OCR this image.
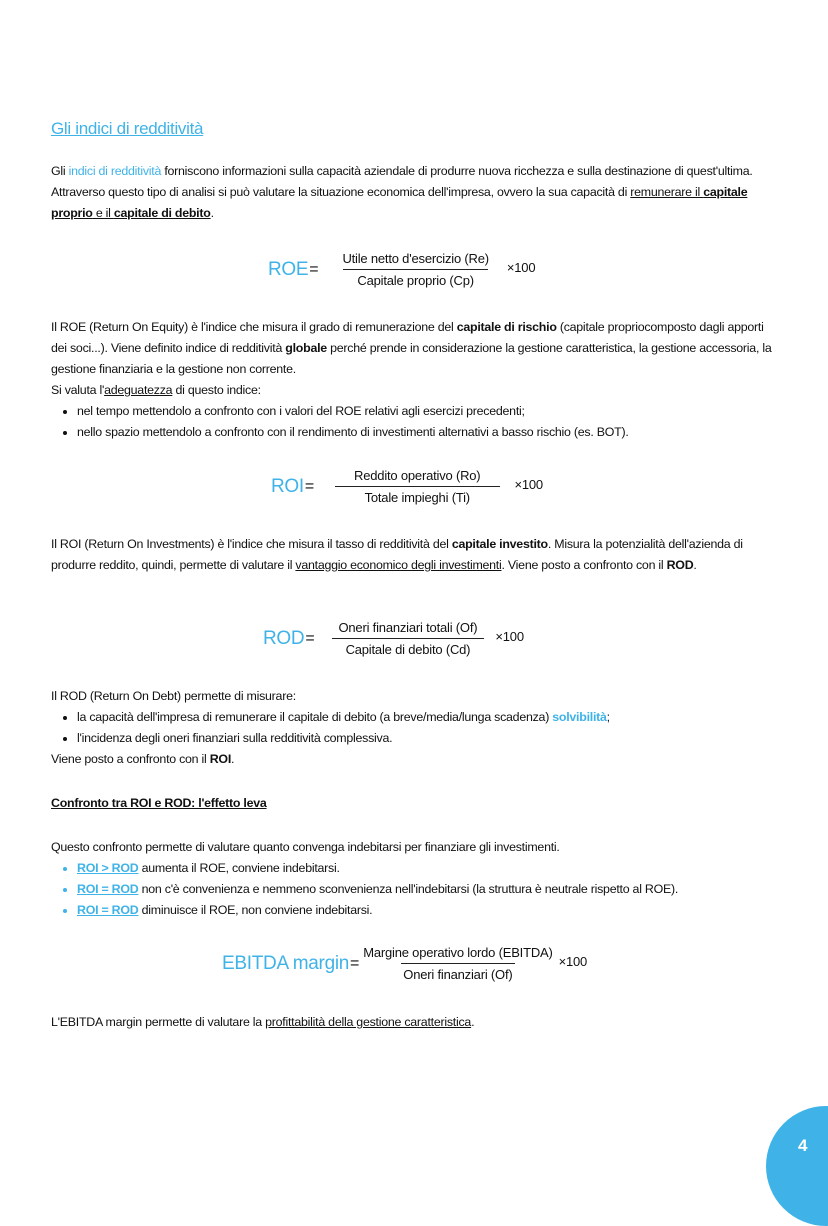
Gli indici di redditività

Gli indici di redditività forniscono informazioni sulla capacità aziendale di produrre nuova ricchezza e sulla destinazione di quest'ultima. Attraverso questo tipo di analisi si può valutare la situazione economica dell'impresa, ovvero la sua capacità di remunerare il capitale proprio e il capitale di debito.

ROE = $\frac{\text{Utile netto d'esercizio (Re)}}{\text{Capitale proprio (Cp)}} \times 100$

Il ROE (Return On Equity) è l'indice che misura il grado di remunerazione del capitale di rischio (capitale propriocomposto dagli apporti dei soci...). Viene definito indice di redditività globale perché prende in considerazione la gestione caratteristica, la gestione accessoria, la gestione finanziaria e la gestione non corrente.
Si valuta l'adeguatezza di questo indice:

• nel tempo mettendolo a confronto con i valori del ROE relativi agli esercizi precedenti;
• nello spazio mettendolo a confronto con il rendimento di investimenti alternativi a basso rischio (es. BOT).
ROI = $\frac{\text{Reddito operativo (Ro)}}{\text{Totale impieghi (Ti)}} \times 100$

Il ROI (Return On Investments) è l'indice che misura il tasso di redditività del capitale investito. Misura la potenzialità dell'azienda di produrre reddito, quindi, permette di valutare il vantaggio economico degli investimenti. Viene posto a confronto con il ROD.

ROD = $\frac{\text{Oneri finanziari totali (Of)}}{\text{Capitale di debito (Cd)}} \times 100$

Il ROD (Return On Debt) permette di misurare:

• la capacità dell'impresa di remunerare il capitale di debito (a breve/media/lunga scadenza) solvibilità;
• l'incidenza degli oneri finanziari sulla redditività complessiva.

Viene posto a confronto con il ROI.

Confronto tra ROI e ROD: l'effetto leva

Questo confronto permette di valutare quanto convenga indebitarsi per finanziare gli investimenti.

• ROI > ROD aumenta il ROE, conviene indebitarsi.
• ROI = ROD non c'è convenienza e nemmeno sconvenienza nell'indebitarsi (la struttura è neutrale rispetto al ROE).
• ROI = ROD diminuisce il ROE, non conviene indebitarsi.
EBITDA margin = $\frac{\text{Margine operativo lordo (EBITDA)}}{\text{Oneri finanziari (Of)}} \times 100$

L'EBITDA margin permette di valutare la profittabilità della gestione caratteristica.

4
